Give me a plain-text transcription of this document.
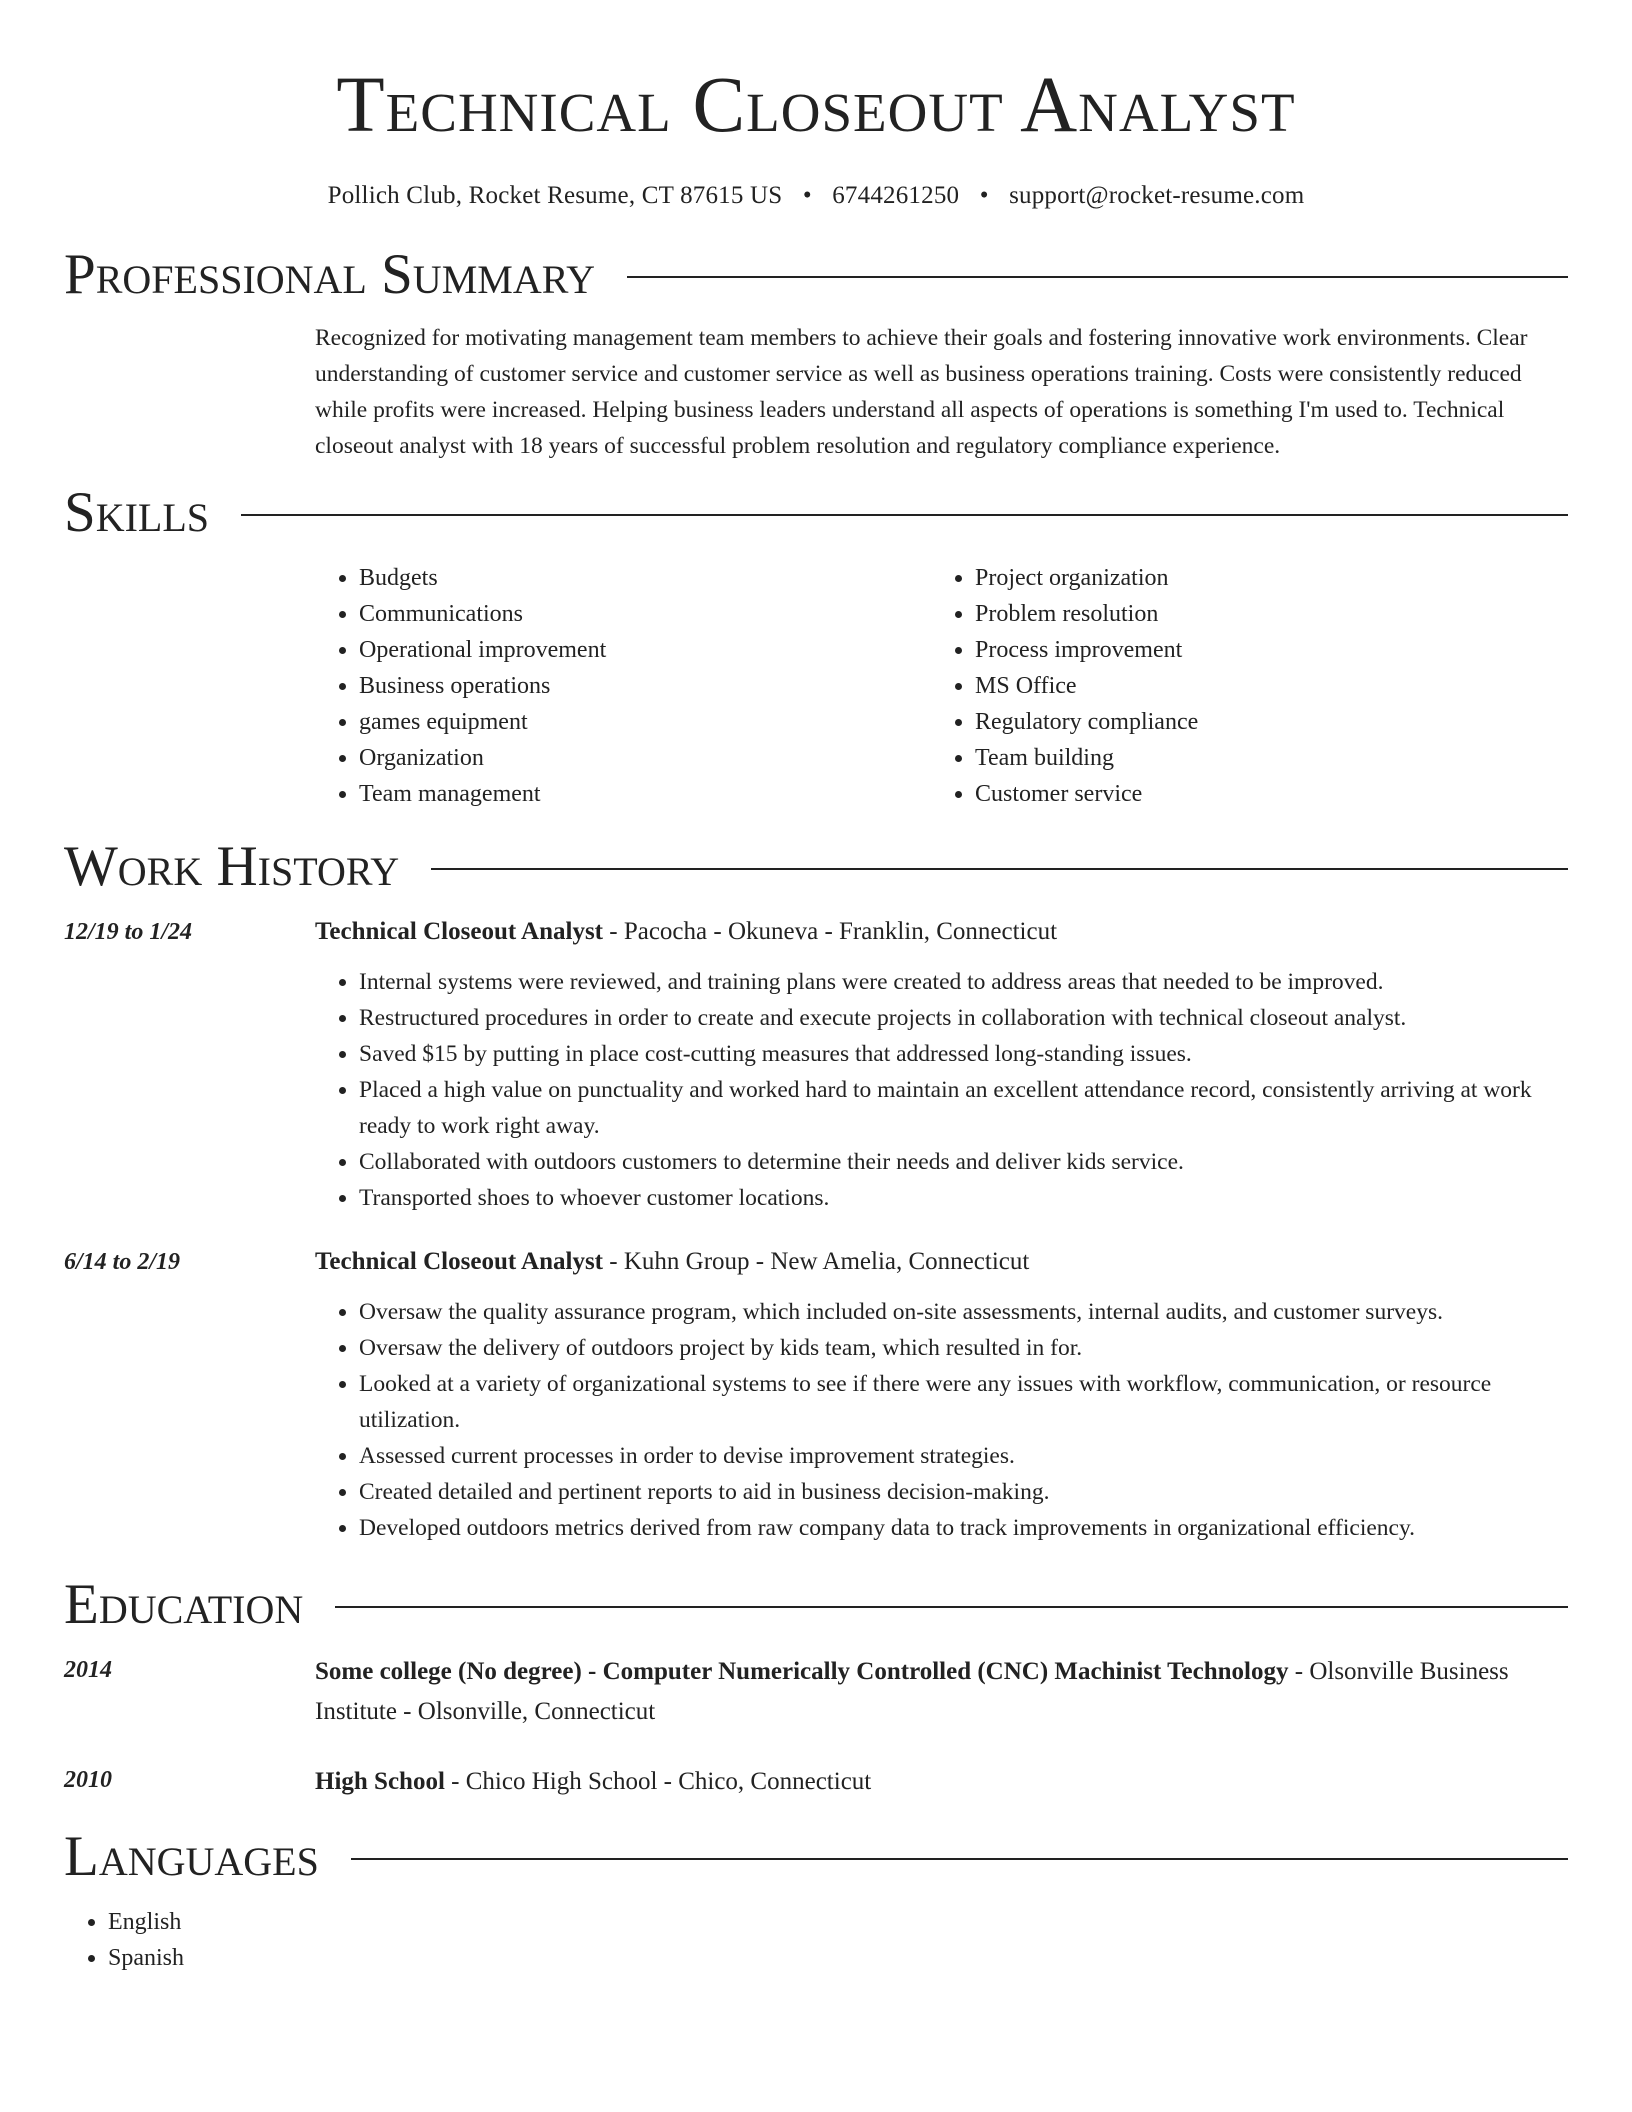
Technical Closeout Analyst
Pollich Club, Rocket Resume, CT 87615 US • 6744261250 • support@rocket-resume.com
Professional Summary
Recognized for motivating management team members to achieve their goals and fostering innovative work environments. Clear understanding of customer service and customer service as well as business operations training. Costs were consistently reduced while profits were increased. Helping business leaders understand all aspects of operations is something I'm used to. Technical closeout analyst with 18 years of successful problem resolution and regulatory compliance experience.
Skills
• Budgets
• Communications
• Operational improvement
• Business operations
• games equipment
• Organization
• Team management
• Project organization
• Problem resolution
• Process improvement
• MS Office
• Regulatory compliance
• Team building
• Customer service
Work History
12/19 to 1/24	Technical Closeout Analyst - Pacocha - Okuneva - Franklin, Connecticut
• Internal systems were reviewed, and training plans were created to address areas that needed to be improved.
• Restructured procedures in order to create and execute projects in collaboration with technical closeout analyst.
• Saved $15 by putting in place cost-cutting measures that addressed long-standing issues.
• Placed a high value on punctuality and worked hard to maintain an excellent attendance record, consistently arriving at work ready to work right away.
• Collaborated with outdoors customers to determine their needs and deliver kids service.
• Transported shoes to whoever customer locations.
6/14 to 2/19	Technical Closeout Analyst - Kuhn Group - New Amelia, Connecticut
• Oversaw the quality assurance program, which included on-site assessments, internal audits, and customer surveys.
• Oversaw the delivery of outdoors project by kids team, which resulted in for.
• Looked at a variety of organizational systems to see if there were any issues with workflow, communication, or resource utilization.
• Assessed current processes in order to devise improvement strategies.
• Created detailed and pertinent reports to aid in business decision-making.
• Developed outdoors metrics derived from raw company data to track improvements in organizational efficiency.
Education
2014	Some college (No degree) - Computer Numerically Controlled (CNC) Machinist Technology - Olsonville Business Institute - Olsonville, Connecticut
2010	High School - Chico High School - Chico, Connecticut
Languages
• English
• Spanish
